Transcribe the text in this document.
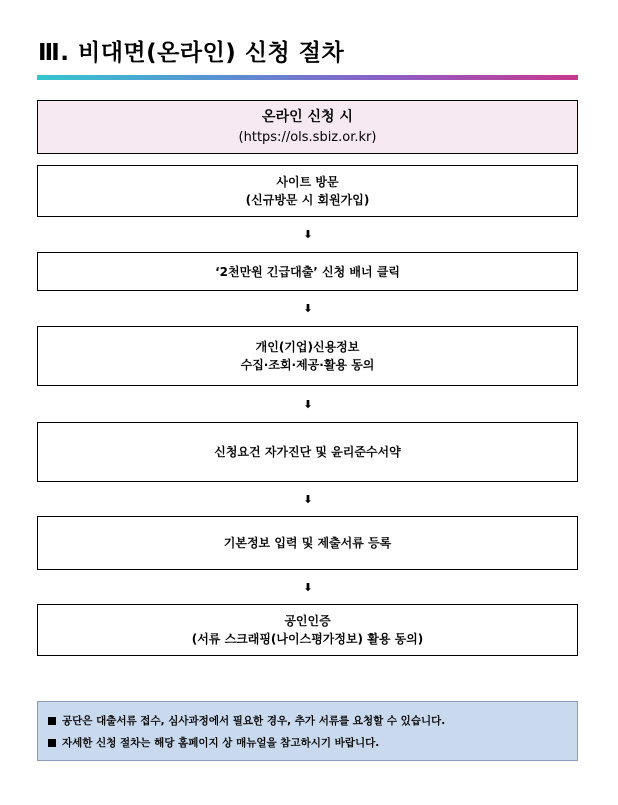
Ⅲ. 비대면(온라인) 신청 절차
온라인 신청 시
(https://ols.sbiz.or.kr)
사이트 방문
(신규방문 시 회원가입)
⬇
‘2천만원 긴급대출’ 신청 배너 클릭
⬇
개인(기업)신용정보
수집·조회·제공·활용 동의
⬇
신청요건 자가진단 및 윤리준수서약
⬇
기본정보 입력 및 제출서류 등록
⬇
공인인증
(서류 스크래핑(나이스평가정보) 활용 동의)
공단은 대출서류 접수, 심사과정에서 필요한 경우, 추가 서류를 요청할 수 있습니다.
자세한 신청 절차는 해당 홈페이지 상 매뉴얼을 참고하시기 바랍니다.
